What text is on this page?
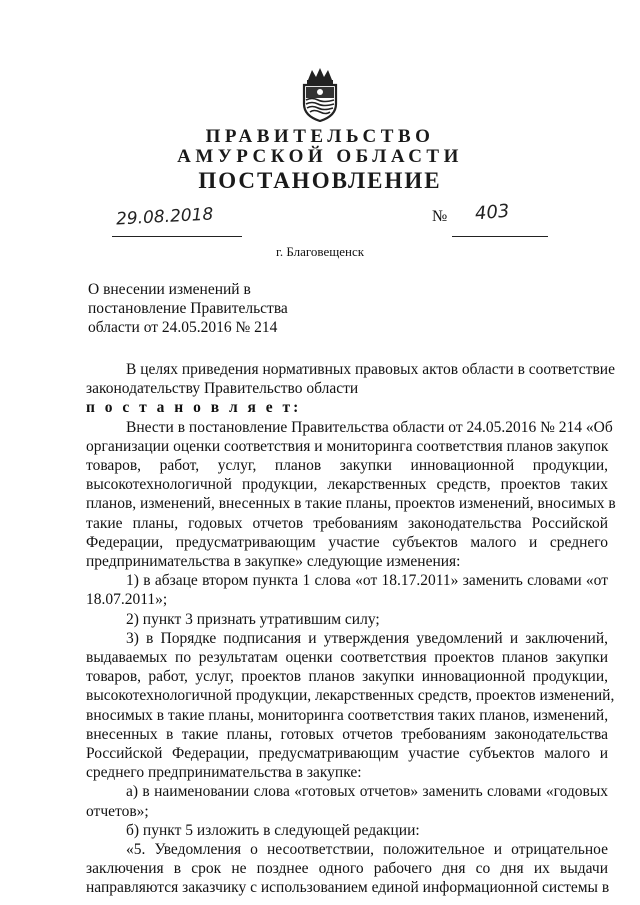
ПРАВИТЕЛЬСТВО
АМУРСКОЙ ОБЛАСТИ
ПОСТАНОВЛЕНИЕ
29.08.2018	№ 403
г. Благовещенск
О внесении изменений в
постановление Правительства
области от 24.05.2016 № 214
В целях приведения нормативных правовых актов области в соответствие
законодательству Правительство области
п о с т а н о в л я е т:
Внести в постановление Правительства области от 24.05.2016 № 214 «Об
организации оценки соответствия и мониторинга соответствия планов закупок
товаров, работ, услуг, планов закупки инновационной продукции,
высокотехнологичной продукции, лекарственных средств, проектов таких
планов, изменений, внесенных в такие планы, проектов изменений, вносимых в
такие планы, годовых отчетов требованиям законодательства Российской
Федерации, предусматривающим участие субъектов малого и среднего
предпринимательства в закупке» следующие изменения:
1) в абзаце втором пункта 1 слова «от 18.17.2011» заменить словами «от
18.07.2011»;
2) пункт 3 признать утратившим силу;
3) в Порядке подписания и утверждения уведомлений и заключений,
выдаваемых по результатам оценки соответствия проектов планов закупки
товаров, работ, услуг, проектов планов закупки инновационной продукции,
высокотехнологичной продукции, лекарственных средств, проектов изменений,
вносимых в такие планы, мониторинга соответствия таких планов, изменений,
внесенных в такие планы, готовых отчетов требованиям законодательства
Российской Федерации, предусматривающим участие субъектов малого и
среднего предпринимательства в закупке:
а) в наименовании слова «готовых отчетов» заменить словами «годовых
отчетов»;
б) пункт 5 изложить в следующей редакции:
«5. Уведомления о несоответствии, положительное и отрицательное
заключения в срок не позднее одного рабочего дня со дня их выдачи
направляются заказчику с использованием единой информационной системы в
